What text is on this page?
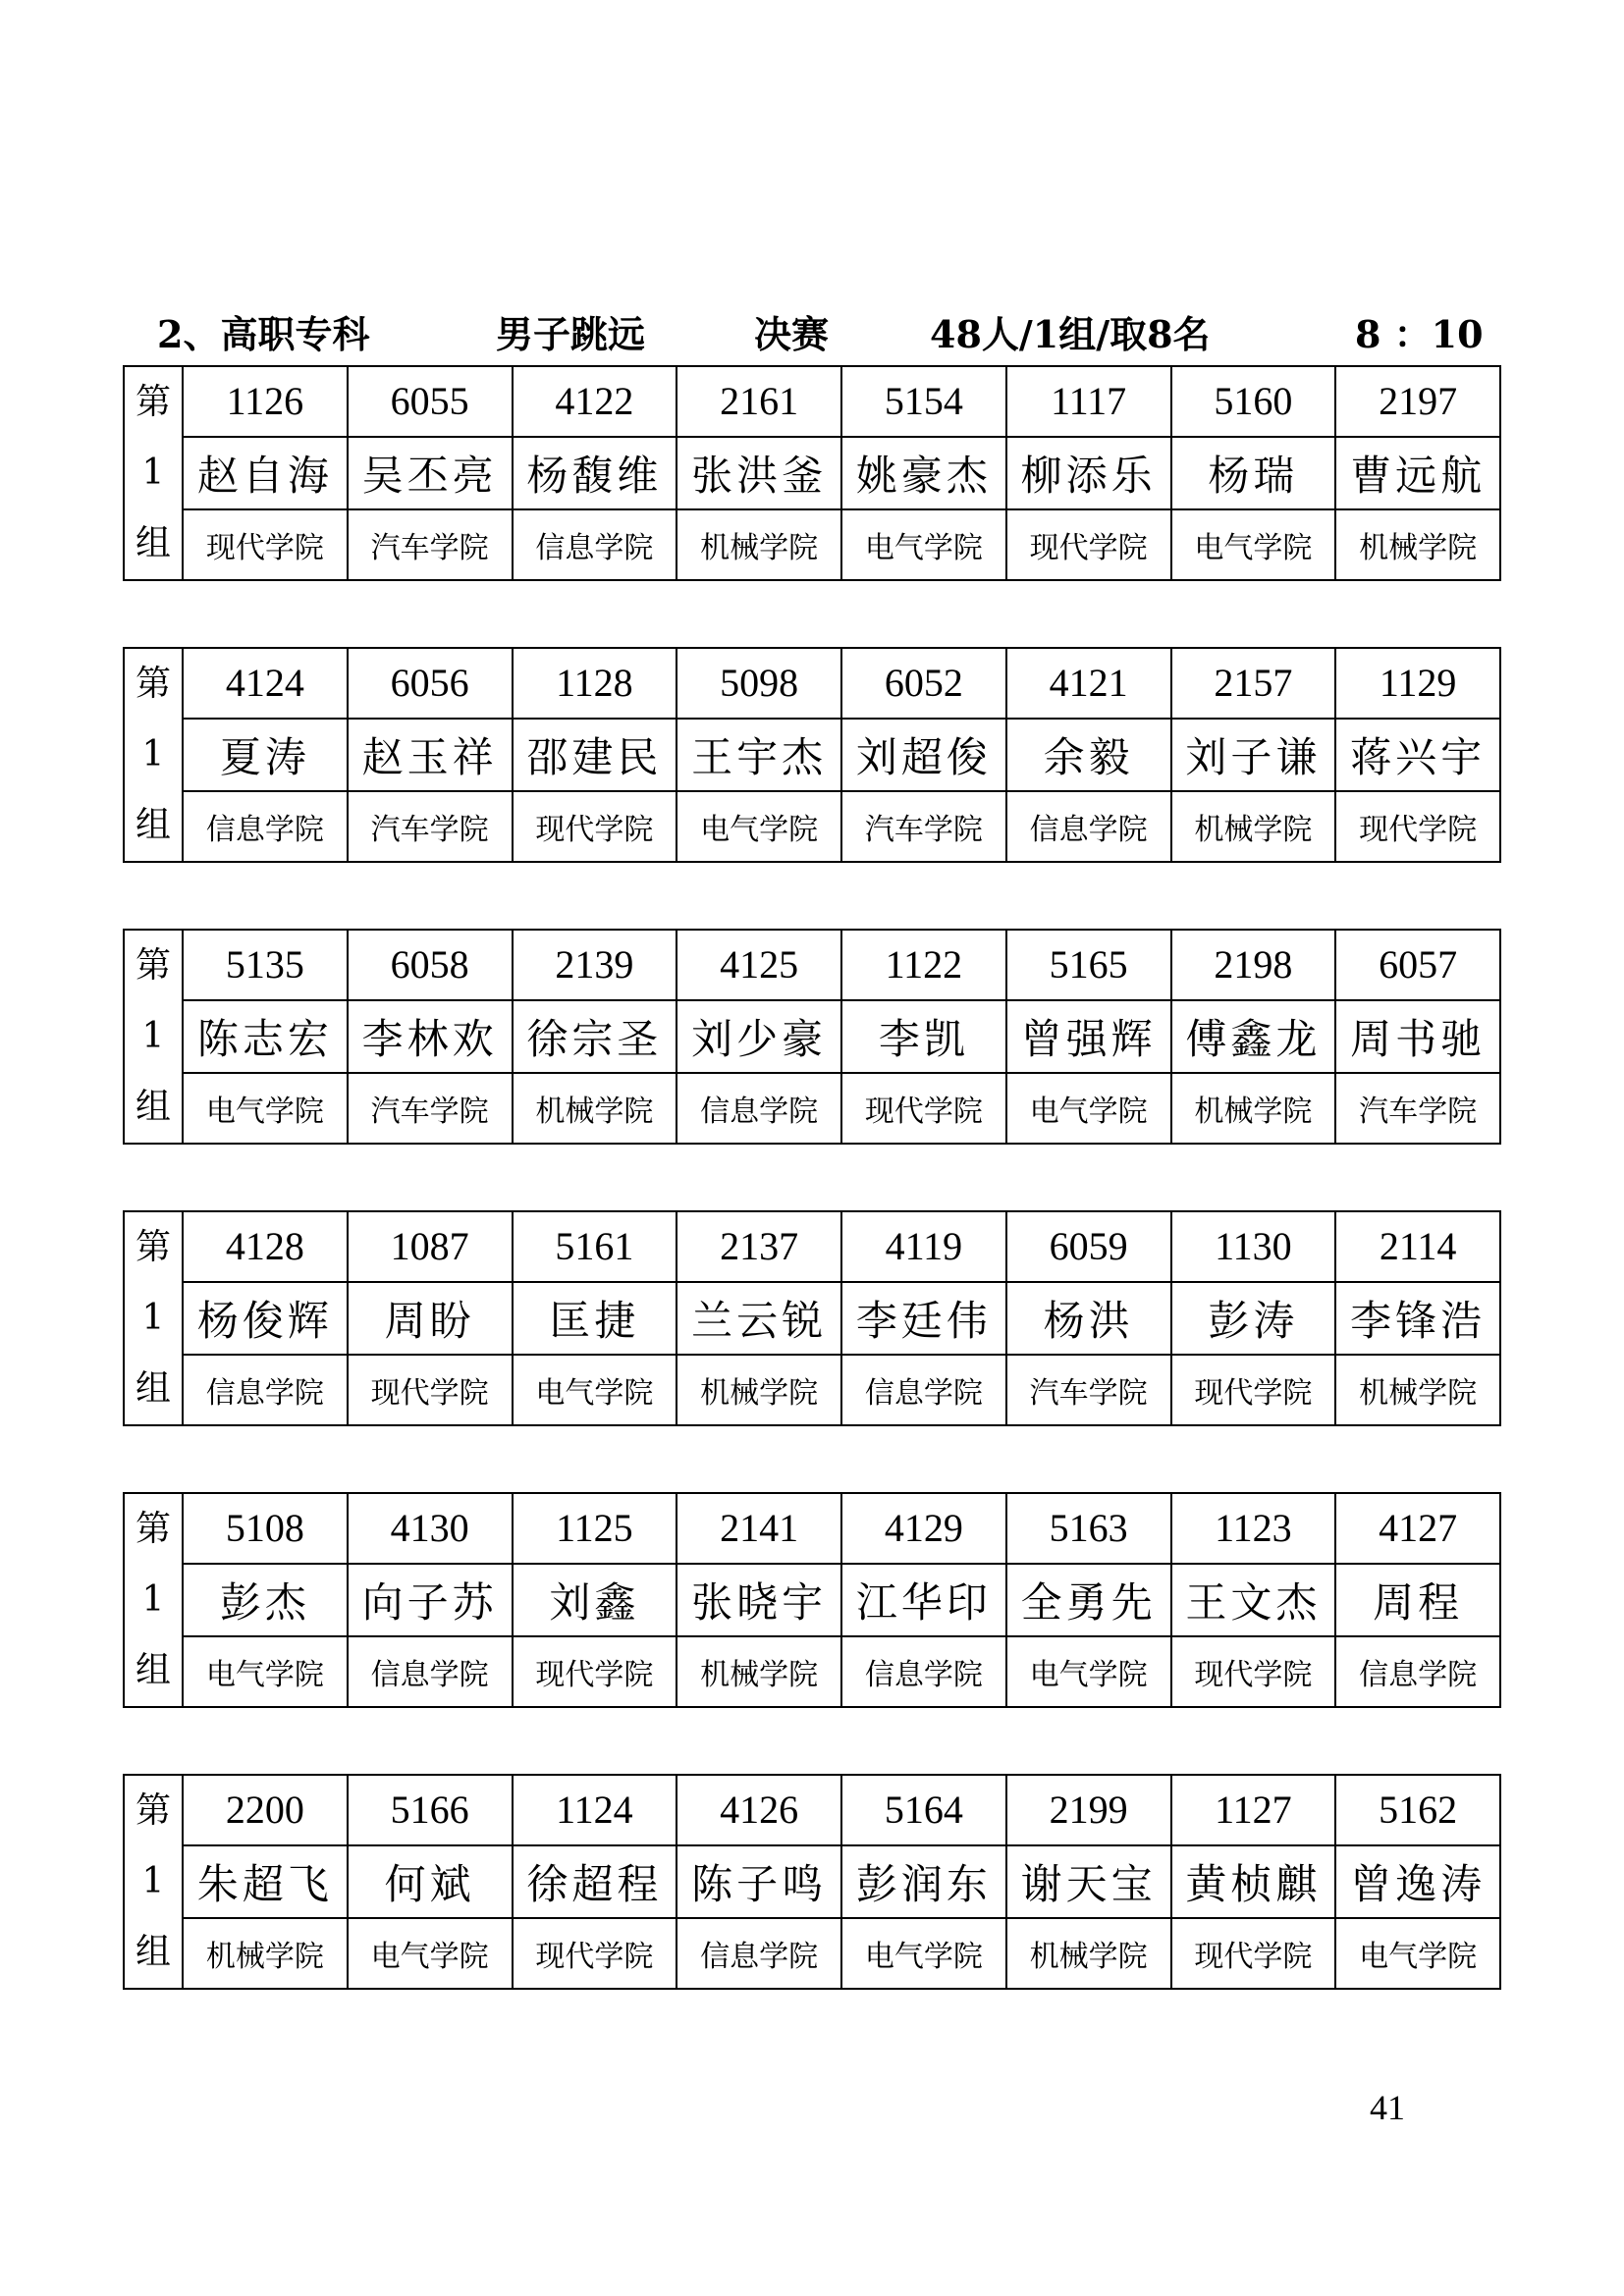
2、高职专科	男子跳远	决赛	48人/1组/取8名	8 ：10
第
1
组	1126	6055	4122	2161	5154	1117	5160	2197
	赵自海	吴丕亮	杨馥维	张洪釜	姚豪杰	柳添乐	杨瑞	曹远航
	现代学院	汽车学院	信息学院	机械学院	电气学院	现代学院	电气学院	机械学院
第
1
组	4124	6056	1128	5098	6052	4121	2157	1129
	夏涛	赵玉祥	邵建民	王宇杰	刘超俊	余毅	刘子谦	蒋兴宇
	信息学院	汽车学院	现代学院	电气学院	汽车学院	信息学院	机械学院	现代学院
第
1
组	5135	6058	2139	4125	1122	5165	2198	6057
	陈志宏	李林欢	徐宗圣	刘少豪	李凯	曾强辉	傅鑫龙	周书驰
	电气学院	汽车学院	机械学院	信息学院	现代学院	电气学院	机械学院	汽车学院
第
1
组	4128	1087	5161	2137	4119	6059	1130	2114
	杨俊辉	周盼	匡捷	兰云锐	李廷伟	杨洪	彭涛	李锋浩
	信息学院	现代学院	电气学院	机械学院	信息学院	汽车学院	现代学院	机械学院
第
1
组	5108	4130	1125	2141	4129	5163	1123	4127
	彭杰	向子苏	刘鑫	张晓宇	江华印	全勇先	王文杰	周程
	电气学院	信息学院	现代学院	机械学院	信息学院	电气学院	现代学院	信息学院
第
1
组	2200	5166	1124	4126	5164	2199	1127	5162
	朱超飞	何斌	徐超程	陈子鸣	彭润东	谢天宝	黄桢麒	曾逸涛
	机械学院	电气学院	现代学院	信息学院	电气学院	机械学院	现代学院	电气学院
41
